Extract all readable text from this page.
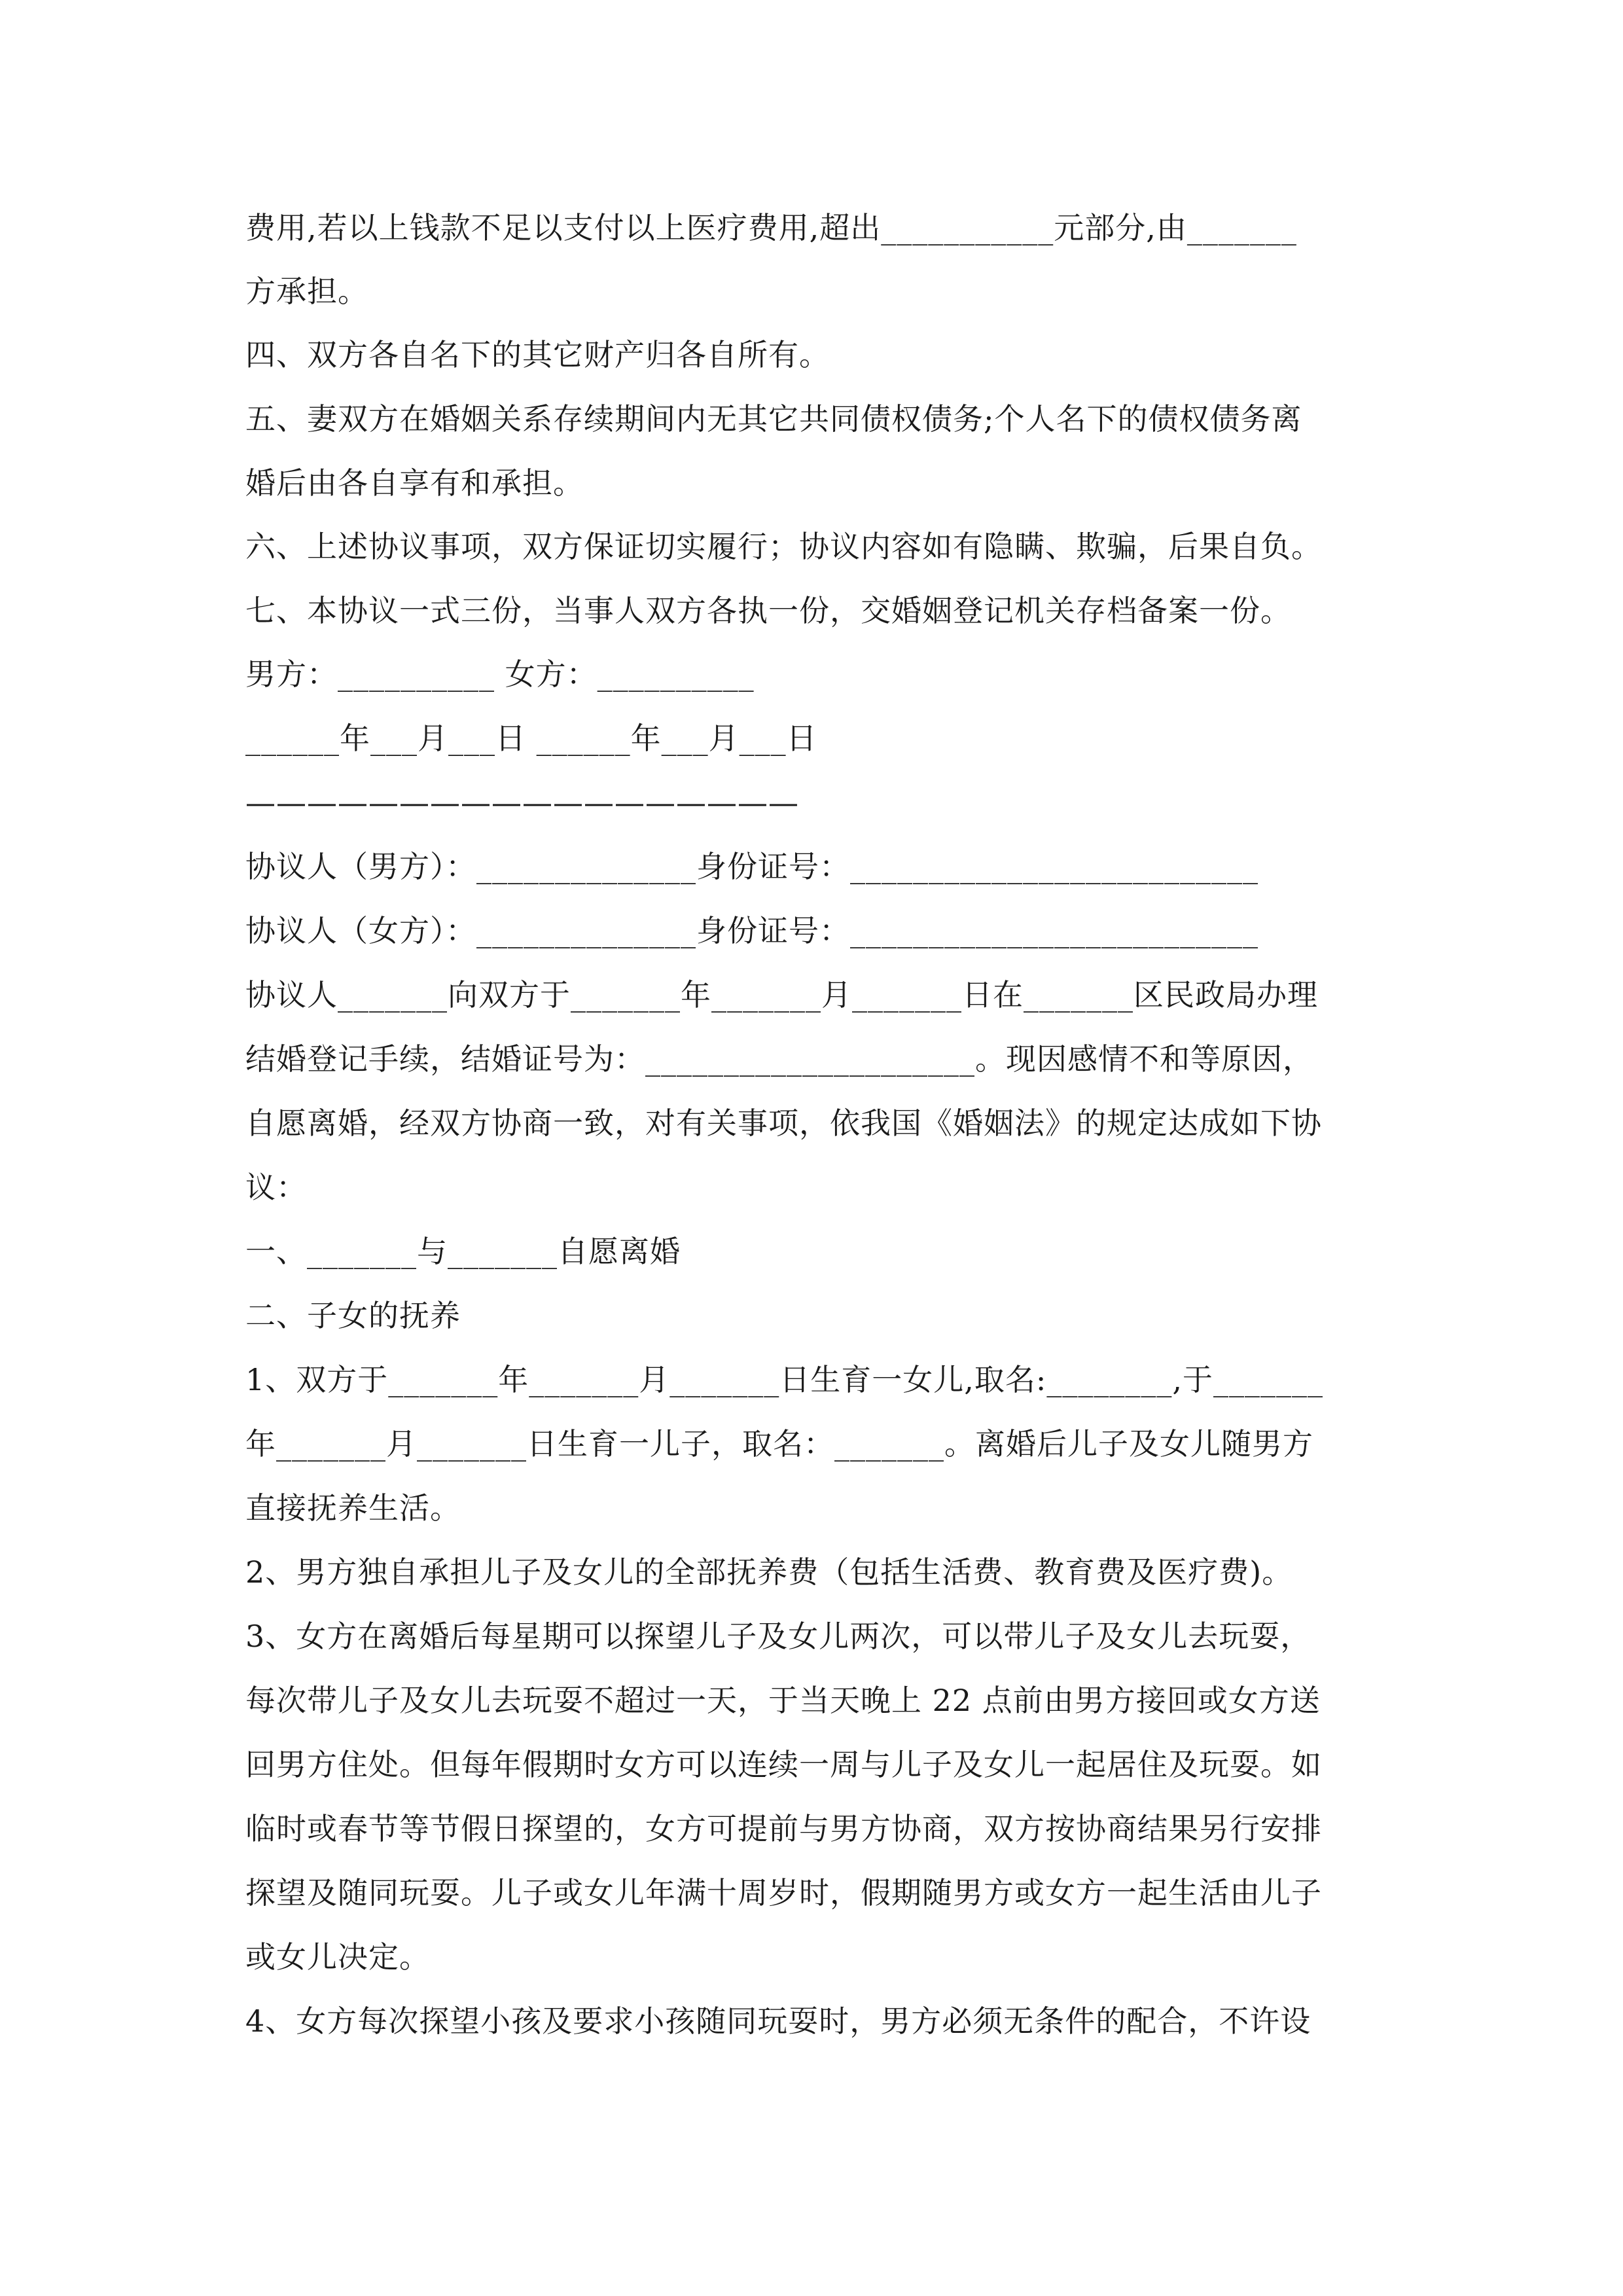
费用,若以上钱款不足以支付以上医疗费用,超出___________元部分,由_______
方承担。
四、双方各自名下的其它财产归各自所有。
五、妻双方在婚姻关系存续期间内无其它共同债权债务;个人名下的债权债务离
婚后由各自享有和承担。
六、上述协议事项，双方保证切实履行；协议内容如有隐瞒、欺骗，后果自负。
七、本协议一式三份，当事人双方各执一份，交婚姻登记机关存档备案一份。
男方：__________ 女方：__________
______年___月___日 ______年___月___日
——————————————————
协议人（男方）：______________身份证号：__________________________
协议人（女方）：______________身份证号：__________________________
协议人_______向双方于_______年_______月_______日在_______区民政局办理
结婚登记手续，结婚证号为：_____________________。现因感情不和等原因，
自愿离婚，经双方协商一致，对有关事项，依我国《婚姻法》的规定达成如下协
议：
一、_______与_______自愿离婚
二、子女的抚养
1、双方于_______年_______月_______日生育一女儿,取名:________,于_______
年_______月_______日生育一儿子，取名：_______。离婚后儿子及女儿随男方
直接抚养生活。
2、男方独自承担儿子及女儿的全部抚养费（包括生活费、教育费及医疗费)。
3、女方在离婚后每星期可以探望儿子及女儿两次，可以带儿子及女儿去玩耍，
每次带儿子及女儿去玩耍不超过一天，于当天晚上 22 点前由男方接回或女方送
回男方住处。但每年假期时女方可以连续一周与儿子及女儿一起居住及玩耍。如
临时或春节等节假日探望的，女方可提前与男方协商，双方按协商结果另行安排
探望及随同玩耍。儿子或女儿年满十周岁时，假期随男方或女方一起生活由儿子
或女儿决定。
4、女方每次探望小孩及要求小孩随同玩耍时，男方必须无条件的配合，不许设
